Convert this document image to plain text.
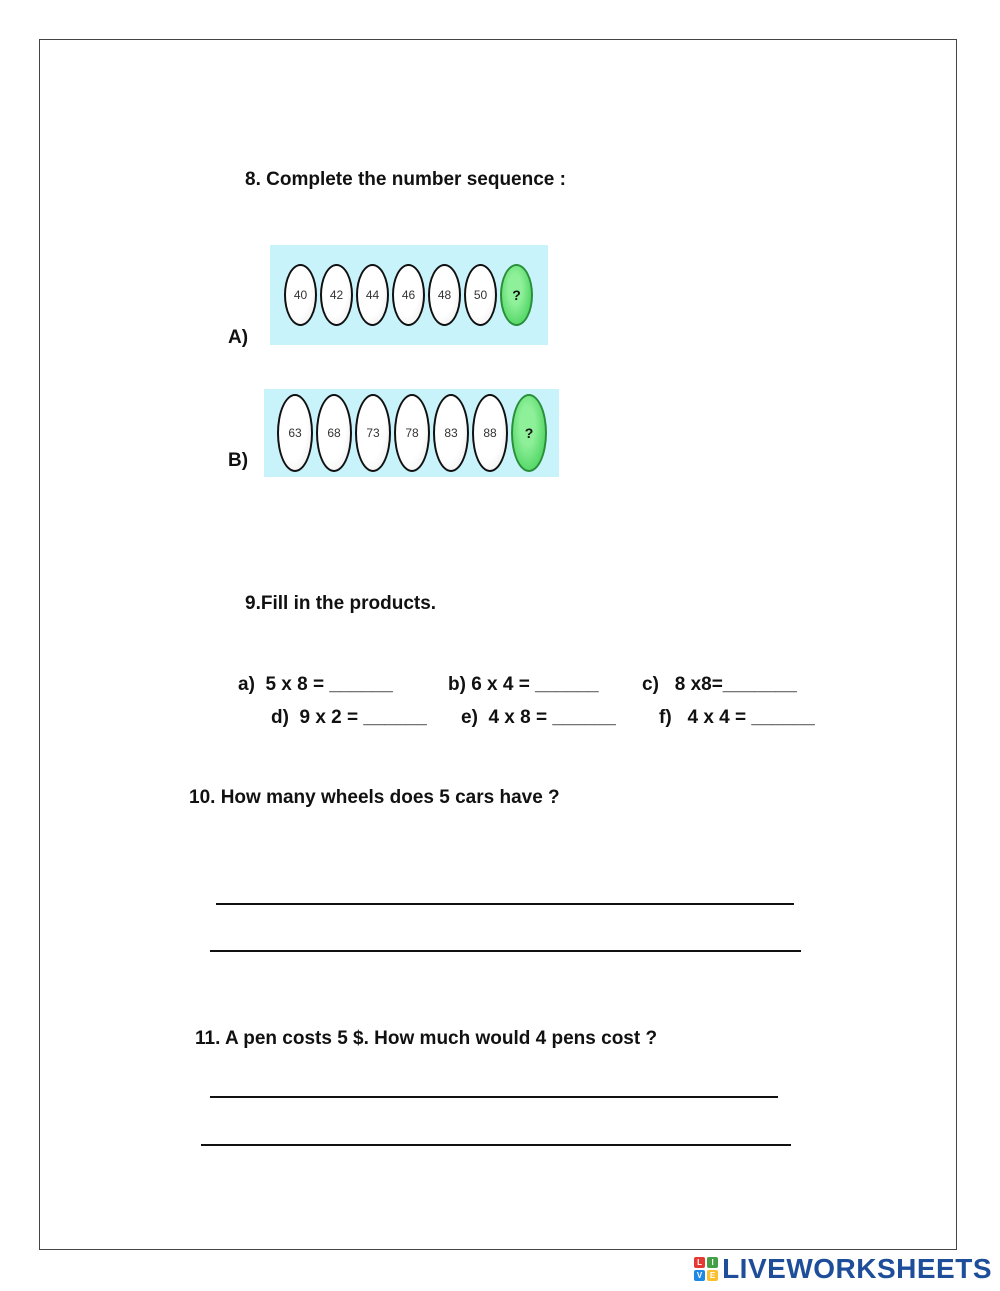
8. Complete the number sequence :
40	42	44	46	48	50	?
A)
63	68	73	78	83	88	?
B)
9.Fill in the products.
a)  5 x 8 = ______	b) 6 x 4 = ______ c)   8 x8=_______
d)  9 x 2 = ______ e)  4 x 8 = ______ f)   4 x 4 = ______
10. How many wheels does 5 cars have ?
11. A pen costs 5 $. How much would 4 pens cost ?
L	I
V E LIVEWORKSHEETS
